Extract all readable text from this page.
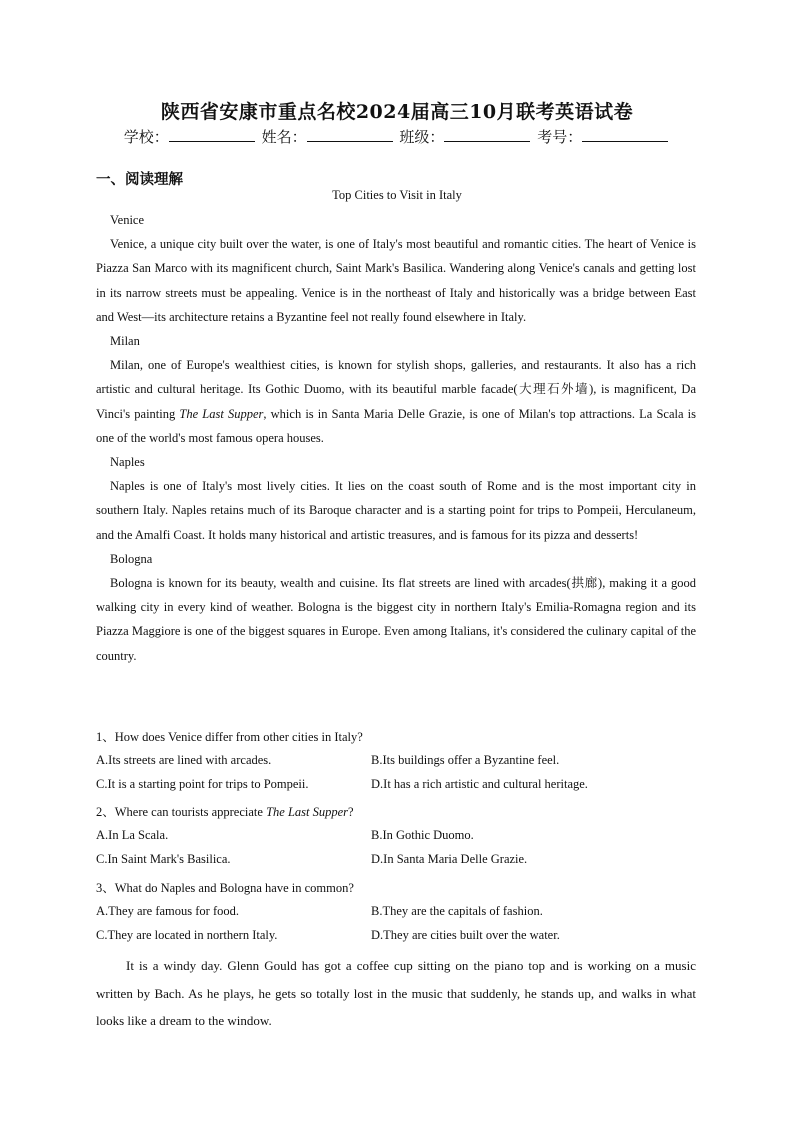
陕西省安康市重点名校2024届高三10月联考英语试卷
学校：	姓名：	班级：	考号：
一、阅读理解
Top Cities to Visit in Italy
Venice
Venice, a unique city built over the water, is one of Italy's most beautiful and romantic cities. The heart of Venice is Piazza San Marco with its magnificent church, Saint Mark's Basilica. Wandering along Venice's canals and getting lost in its narrow streets must be appealing. Venice is in the northeast of Italy and historically was a bridge between East and West—its architecture retains a Byzantine feel not really found elsewhere in Italy.
Milan
Milan, one of Europe's wealthiest cities, is known for stylish shops, galleries, and restaurants. It also has a rich artistic and cultural heritage. Its Gothic Duomo, with its beautiful marble facade(大理石外墙), is magnificent, Da Vinci's painting The Last Supper, which is in Santa Maria Delle Grazie, is one of Milan's top attractions. La Scala is one of the world's most famous opera houses.
Naples
Naples is one of Italy's most lively cities. It lies on the coast south of Rome and is the most important city in southern Italy. Naples retains much of its Baroque character and is a starting point for trips to Pompeii, Herculaneum, and the Amalfi Coast. It holds many historical and artistic treasures, and is famous for its pizza and desserts!
Bologna
Bologna is known for its beauty, wealth and cuisine. Its flat streets are lined with arcades(拱廊), making it a good walking city in every kind of weather. Bologna is the biggest city in northern Italy's Emilia-Romagna region and its Piazza Maggiore is one of the biggest squares in Europe. Even among Italians, it's considered the culinary capital of the country.
1、How does Venice differ from other cities in Italy?
A.Its streets are lined with arcades.	B.Its buildings offer a Byzantine feel.
C.It is a starting point for trips to Pompeii.	D.It has a rich artistic and cultural heritage.
2、Where can tourists appreciate The Last Supper?
A.In La Scala.	B.In Gothic Duomo.
C.In Saint Mark's Basilica.	D.In Santa Maria Delle Grazie.
3、What do Naples and Bologna have in common?
A.They are famous for food.	B.They are the capitals of fashion.
C.They are located in northern Italy.	D.They are cities built over the water.
It is a windy day. Glenn Gould has got a coffee cup sitting on the piano top and is working on a music written by Bach. As he plays, he gets so totally lost in the music that suddenly, he stands up, and walks in what looks like a dream to the window.
